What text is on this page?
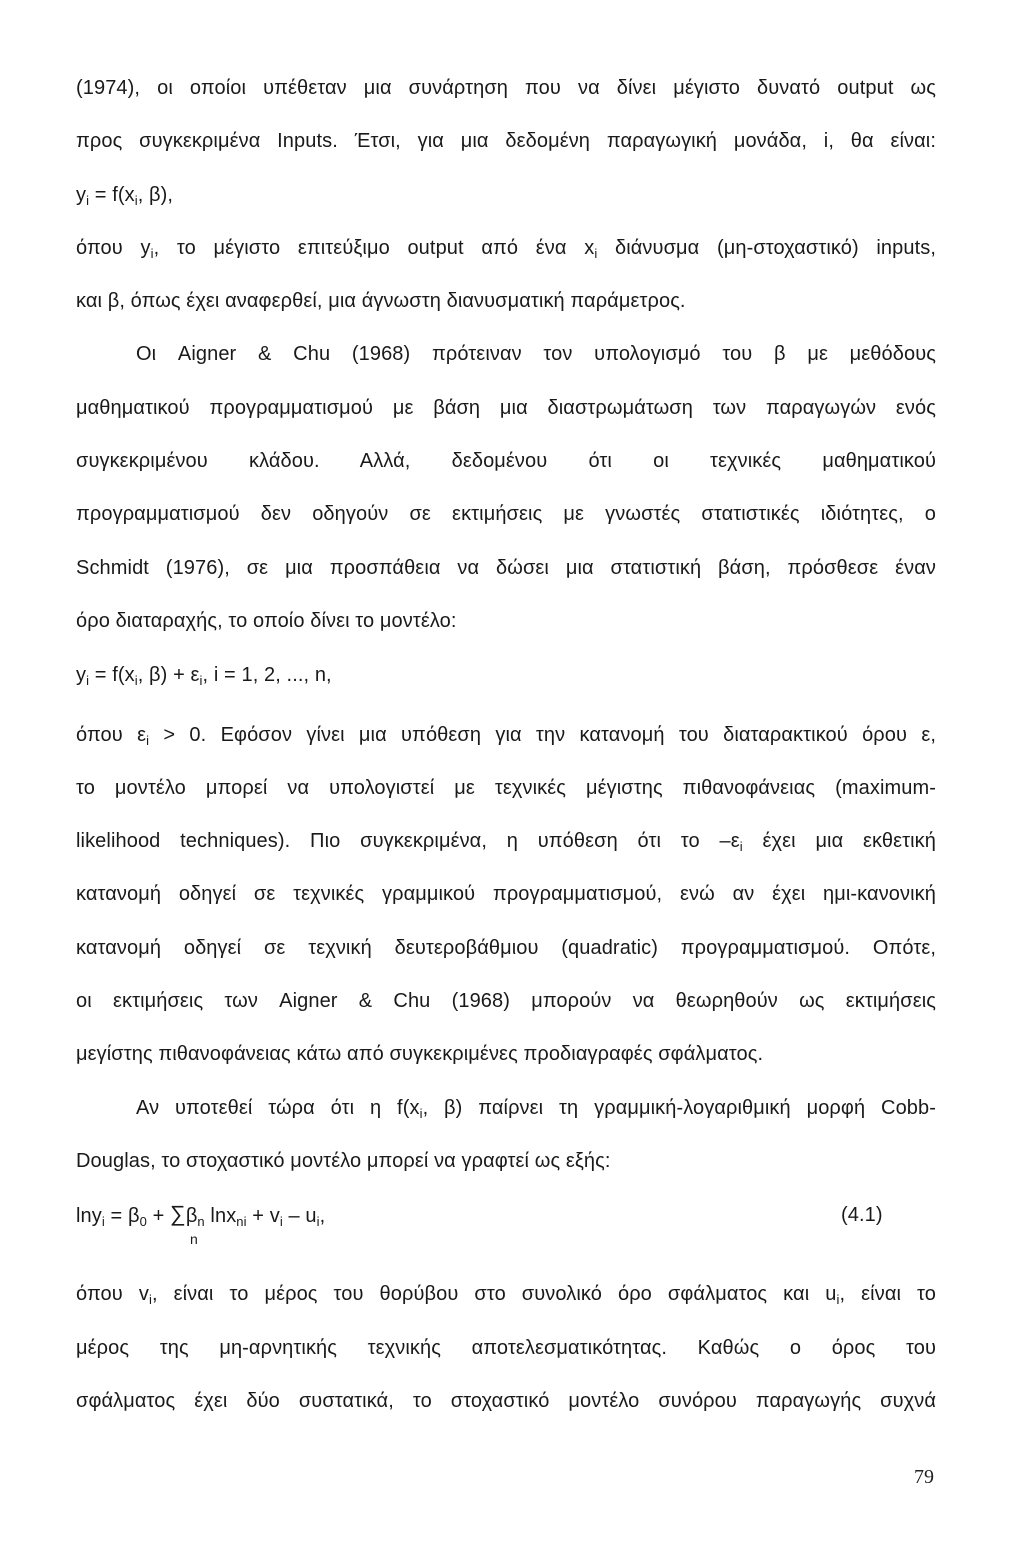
(1974), οι οποίοι υπέθεταν μια συνάρτηση που να δίνει μέγιστο δυνατό output ως
προς συγκεκριμένα Inputs. Έτσι, για μια δεδομένη παραγωγική μονάδα, i, θα είναι:
$y_i = f(x_i$, β),
όπου $y_i$, το μέγιστο επιτεύξιμο output από ένα $x_i$ διάνυσμα (μη-στοχαστικό) inputs,
και β, όπως έχει αναφερθεί, μια άγνωστη διανυσματική παράμετρος.
Οι Aigner & Chu (1968) πρότειναν τον υπολογισμό του β με μεθόδους
μαθηματικού προγραμματισμού με βάση μια διαστρωμάτωση των παραγωγών ενός
συγκεκριμένου κλάδου. Αλλά, δεδομένου ότι οι τεχνικές μαθηματικού
προγραμματισμού δεν οδηγούν σε εκτιμήσεις με γνωστές στατιστικές ιδιότητες, ο
Schmidt (1976), σε μια προσπάθεια να δώσει μια στατιστική βάση, πρόσθεσε έναν
όρο διαταραχής, το οποίο δίνει το μοντέλο:
$y_i = f(x_i$, $\beta) + \varepsilon_i$, i = 1, 2, ..., n,
όπου $\varepsilon_i > 0$. Εφόσον γίνει μια υπόθεση για την κατανομή του διαταρακτικού όρου ε,
το μοντέλο μπορεί να υπολογιστεί με τεχνικές μέγιστης πιθανοφάνειας (maximum-
likelihood techniques). Πιο συγκεκριμένα, η υπόθεση ότι το $-\varepsilon_i$ έχει μια εκθετική
κατανομή οδηγεί σε τεχνικές γραμμικού προγραμματισμού, ενώ αν έχει ημι-κανονική
κατανομή οδηγεί σε τεχνική δευτεροβάθμιου (quadratic) προγραμματισμού. Οπότε,
οι εκτιμήσεις των Aigner & Chu (1968) μπορούν να θεωρηθούν ως εκτιμήσεις
μεγίστης πιθανοφάνειας κάτω από συγκεκριμένες προδιαγραφές σφάλματος.
Αν υποτεθεί τώρα ότι η $f(x_i$, β) παίρνει τη γραμμική-λογαριθμική μορφή Cobb-
Douglas, το στοχαστικό μοντέλο μπορεί να γραφτεί ως εξής:
$\ln y_i = \beta_0 + \sum\beta_n$ $\ln x_{ni} + v_i - u_i$,	(4.1)
n
όπου $v_i$, είναι το μέρος του θορύβου στο συνολικό όρο σφάλματος και $u_i$, είναι το
μέρος της μη-αρνητικής τεχνικής αποτελεσματικότητας. Καθώς ο όρος του
σφάλματος έχει δύο συστατικά, το στοχαστικό μοντέλο συνόρου παραγωγής συχνά
79
